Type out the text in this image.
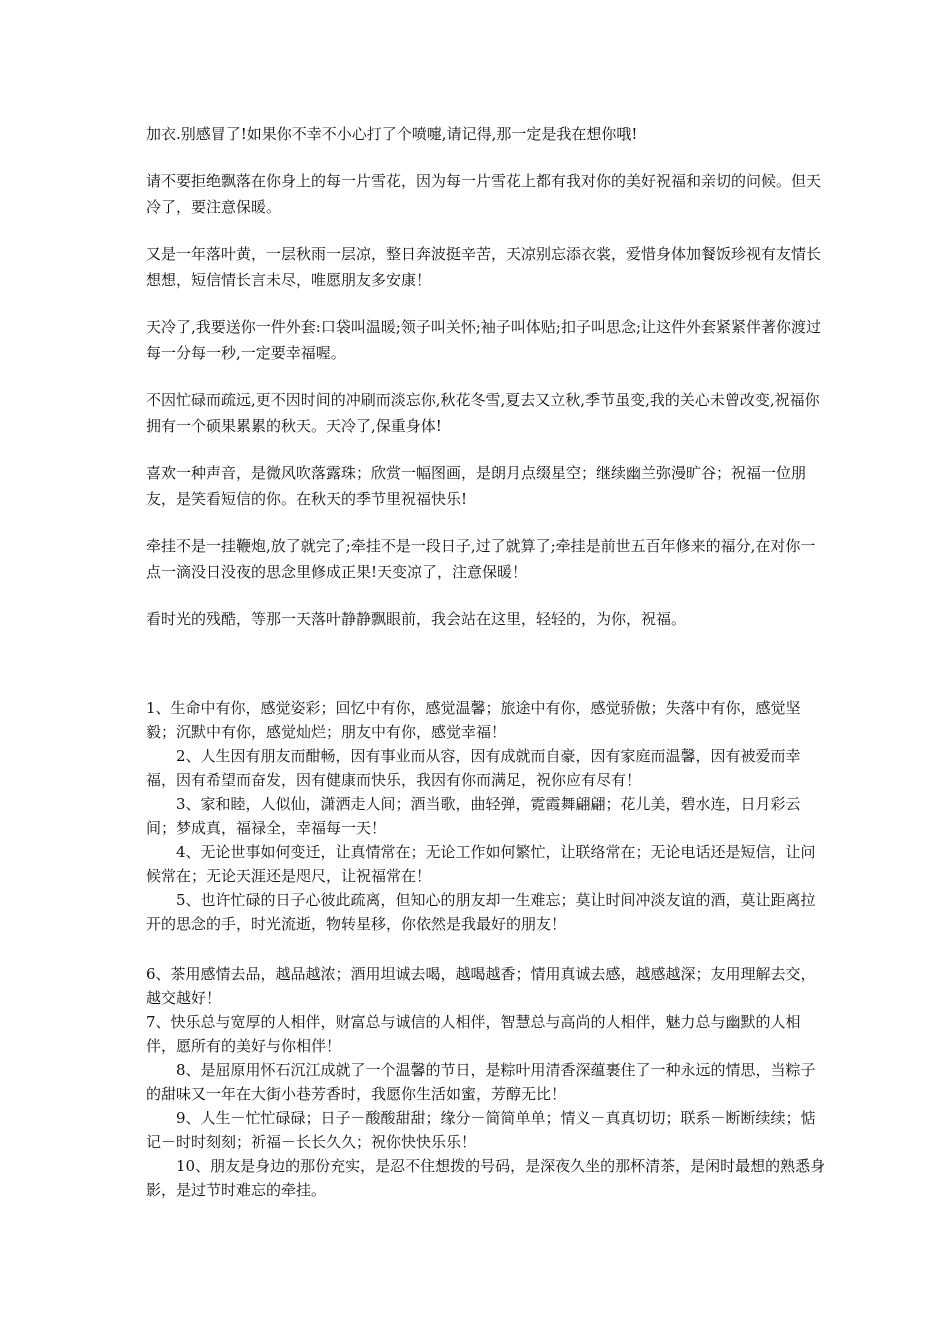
加衣.别感冒了!如果你不幸不小心打了个喷嚏,请记得,那一定是我在想你哦!

请不要拒绝飘落在你身上的每一片雪花，因为每一片雪花上都有我对你的美好祝福和亲切的问候。但天冷了，要注意保暖。

又是一年落叶黄，一层秋雨一层凉，整日奔波挺辛苦，天凉别忘添衣裳，爱惜身体加餐饭珍视有友情长想想，短信情长言未尽，唯愿朋友多安康！

天冷了,我要送你一件外套:口袋叫温暖;领子叫关怀;袖子叫体贴;扣子叫思念;让这件外套紧紧伴著你渡过每一分每一秒,一定要幸福喔。

不因忙碌而疏远,更不因时间的冲刷而淡忘你,秋花冬雪,夏去又立秋,季节虽变,我的关心未曾改变,祝福你拥有一个硕果累累的秋天。天冷了,保重身体!

喜欢一种声音，是微风吹落露珠；欣赏一幅图画，是朗月点缀星空；继续幽兰弥漫旷谷；祝福一位朋友，是笑看短信的你。在秋天的季节里祝福快乐!

牵挂不是一挂鞭炮,放了就完了;牵挂不是一段日子,过了就算了;牵挂是前世五百年修来的福分,在对你一点一滴没日没夜的思念里修成正果!天变凉了，注意保暖！

看时光的残酷，等那一天落叶静静飘眼前，我会站在这里，轻轻的，为你，祝福。

1、生命中有你，感觉姿彩；回忆中有你，感觉温馨；旅途中有你，感觉骄傲；失落中有你，感觉坚毅；沉默中有你，感觉灿烂；朋友中有你，感觉幸福！

2、人生因有朋友而酣畅，因有事业而从容，因有成就而自豪，因有家庭而温馨，因有被爱而幸福，因有希望而奋发，因有健康而快乐，我因有你而满足，祝你应有尽有！

3、家和睦，人似仙，潇洒走人间；酒当歌，曲轻弹，霓霞舞翩翩；花儿美，碧水连，日月彩云间；梦成真，福禄全，幸福每一天！

4、无论世事如何变迁，让真情常在；无论工作如何繁忙，让联络常在；无论电话还是短信，让问候常在；无论天涯还是咫尺，让祝福常在！

5、也许忙碌的日子心彼此疏离，但知心的朋友却一生难忘；莫让时间冲淡友谊的酒，莫让距离拉开的思念的手，时光流逝，物转星移，你依然是我最好的朋友！

6、茶用感情去品，越品越浓；酒用坦诚去喝，越喝越香；情用真诚去感，越感越深；友用理解去交，越交越好！

7、快乐总与宽厚的人相伴，财富总与诚信的人相伴，智慧总与高尚的人相伴，魅力总与幽默的人相伴，愿所有的美好与你相伴！

8、是屈原用怀石沉江成就了一个温馨的节日，是粽叶用清香深蕴裹住了一种永远的情思，当粽子的甜味又一年在大街小巷芳香时，我愿你生活如蜜，芳醇无比！

9、人生－忙忙碌碌；日子－酸酸甜甜；缘分－简简单单；情义－真真切切；联系－断断续续；惦记－时时刻刻；祈福－长长久久；祝你快快乐乐！

10、朋友是身边的那份充实，是忍不住想拨的号码，是深夜久坐的那杯清茶，是闲时最想的熟悉身影，是过节时难忘的牵挂。
